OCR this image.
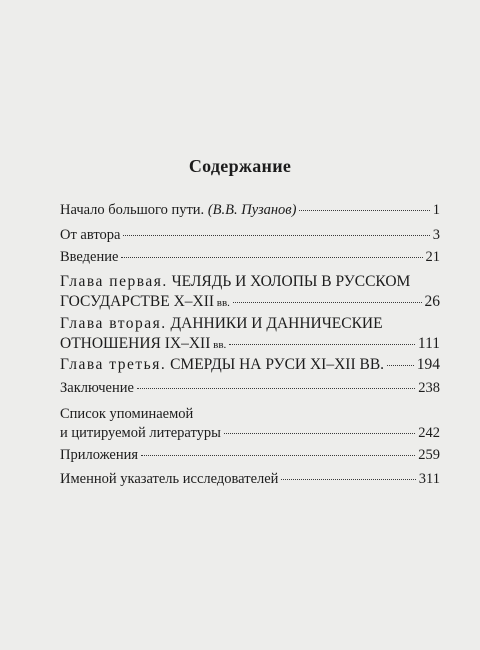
Содержание
Начало большого пути. (В.В. Пузанов)	1
От автора	3
Введение	21
Глава первая. ЧЕЛЯДЬ И ХОЛОПЫ В РУССКОМ
ГОСУДАРСТВЕ X–XII вв.	26
Глава вторая. ДАННИКИ И ДАННИЧЕСКИЕ
ОТНОШЕНИЯ IX–XII вв.	111
Глава третья. СМЕРДЫ НА РУСИ XI–XII ВВ. 194
Заключение	238
Список упоминаемой
и цитируемой литературы	242
Приложения	259
Именной указатель исследователей	311
